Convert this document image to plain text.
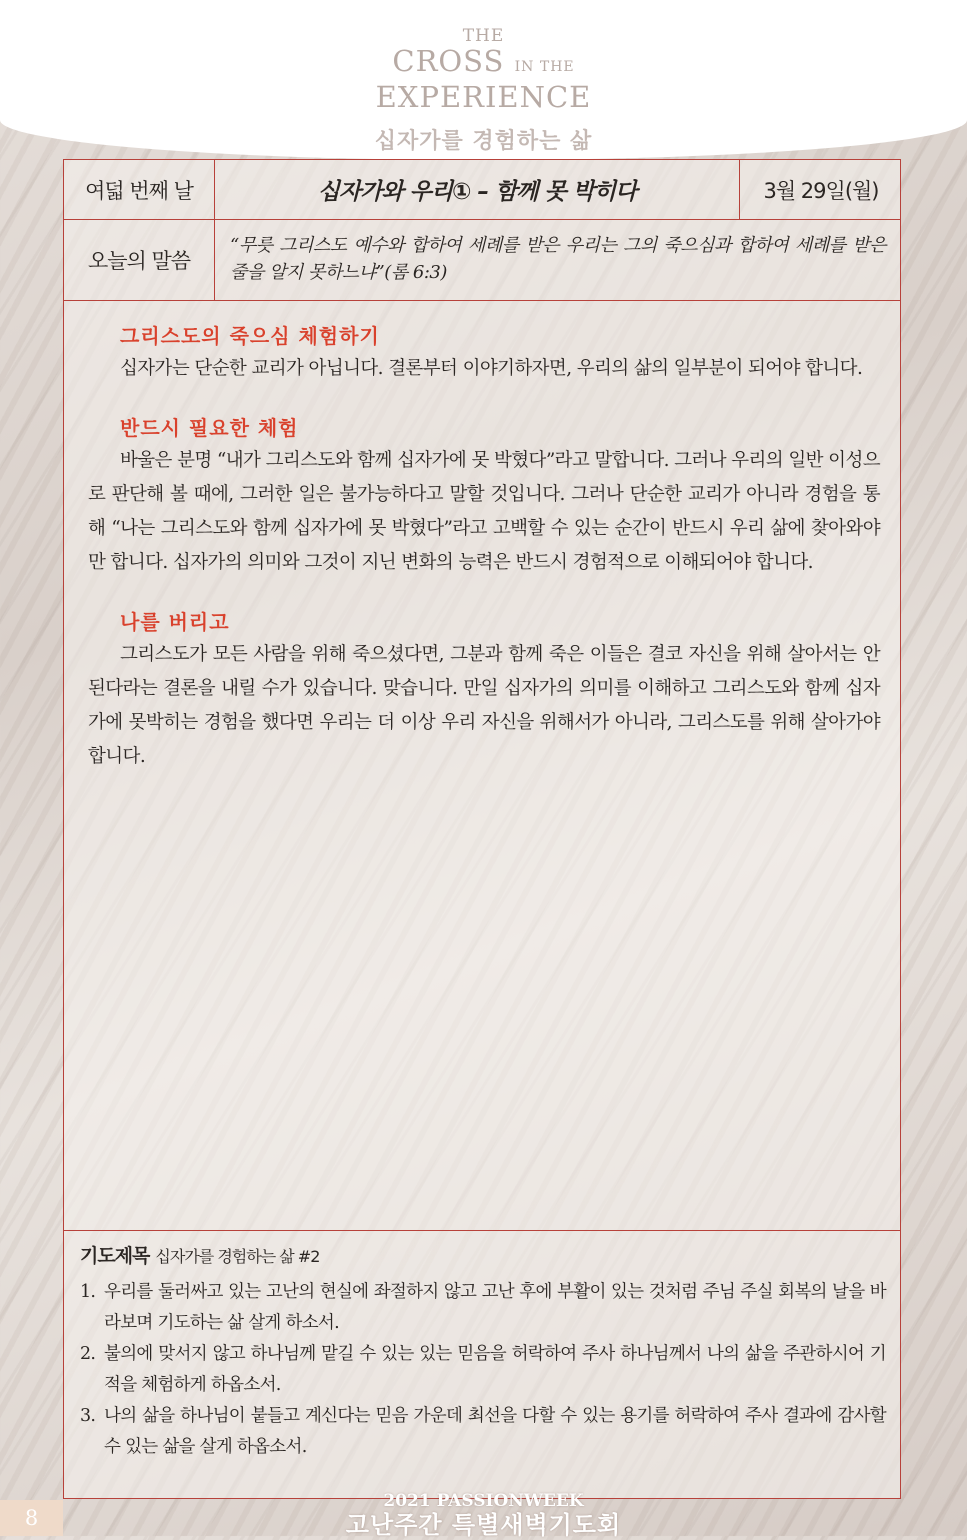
THE
CROSS IN THE
EXPERIENCE
십자가를 경험하는 삶
여덟 번째 날	십자가와 우리① – 함께 못 박히다	3월 29일(월)
오늘의 말씀
“무릇 그리스도 예수와 합하여 세례를 받은 우리는 그의 죽으심과 합하여 세례를 받은 줄을 알지 못하느냐”(롬 6:3)
그리스도의 죽으심 체험하기

십자가는 단순한 교리가 아닙니다. 결론부터 이야기하자면, 우리의 삶의 일부분이 되어야 합니다.

반드시 필요한 체험

바울은 분명 “내가 그리스도와 함께 십자가에 못 박혔다”라고 말합니다. 그러나 우리의 일반 이성으로 판단해 볼 때에, 그러한 일은 불가능하다고 말할 것입니다. 그러나 단순한 교리가 아니라 경험을 통해 “나는 그리스도와 함께 십자가에 못 박혔다”라고 고백할 수 있는 순간이 반드시 우리 삶에 찾아와야만 합니다. 십자가의 의미와 그것이 지닌 변화의 능력은 반드시 경험적으로 이해되어야 합니다.

나를 버리고

그리스도가 모든 사람을 위해 죽으셨다면, 그분과 함께 죽은 이들은 결코 자신을 위해 살아서는 안된다라는 결론을 내릴 수가 있습니다. 맞습니다. 만일 십자가의 의미를 이해하고 그리스도와 함께 십자가에 못박히는 경험을 했다면 우리는 더 이상 우리 자신을 위해서가 아니라, 그리스도를 위해 살아가야 합니다.

기도제목 십자가를 경험하는 삶 #2
1. 우리를 둘러싸고 있는 고난의 현실에 좌절하지 않고 고난 후에 부활이 있는 것처럼 주님 주실 회복의 날을 바라보며 기도하는 삶 살게 하소서.
2. 불의에 맞서지 않고 하나님께 맡길 수 있는 있는 믿음을 허락하여 주사 하나님께서 나의 삶을 주관하시어 기적을 체험하게 하옵소서.
3. 나의 삶을 하나님이 붙들고 계신다는 믿음 가운데 최선을 다할 수 있는 용기를 허락하여 주사 결과에 감사할 수 있는 삶을 살게 하옵소서.
8
2021 PASSIONWEEK
고난주간 특별새벽기도회
